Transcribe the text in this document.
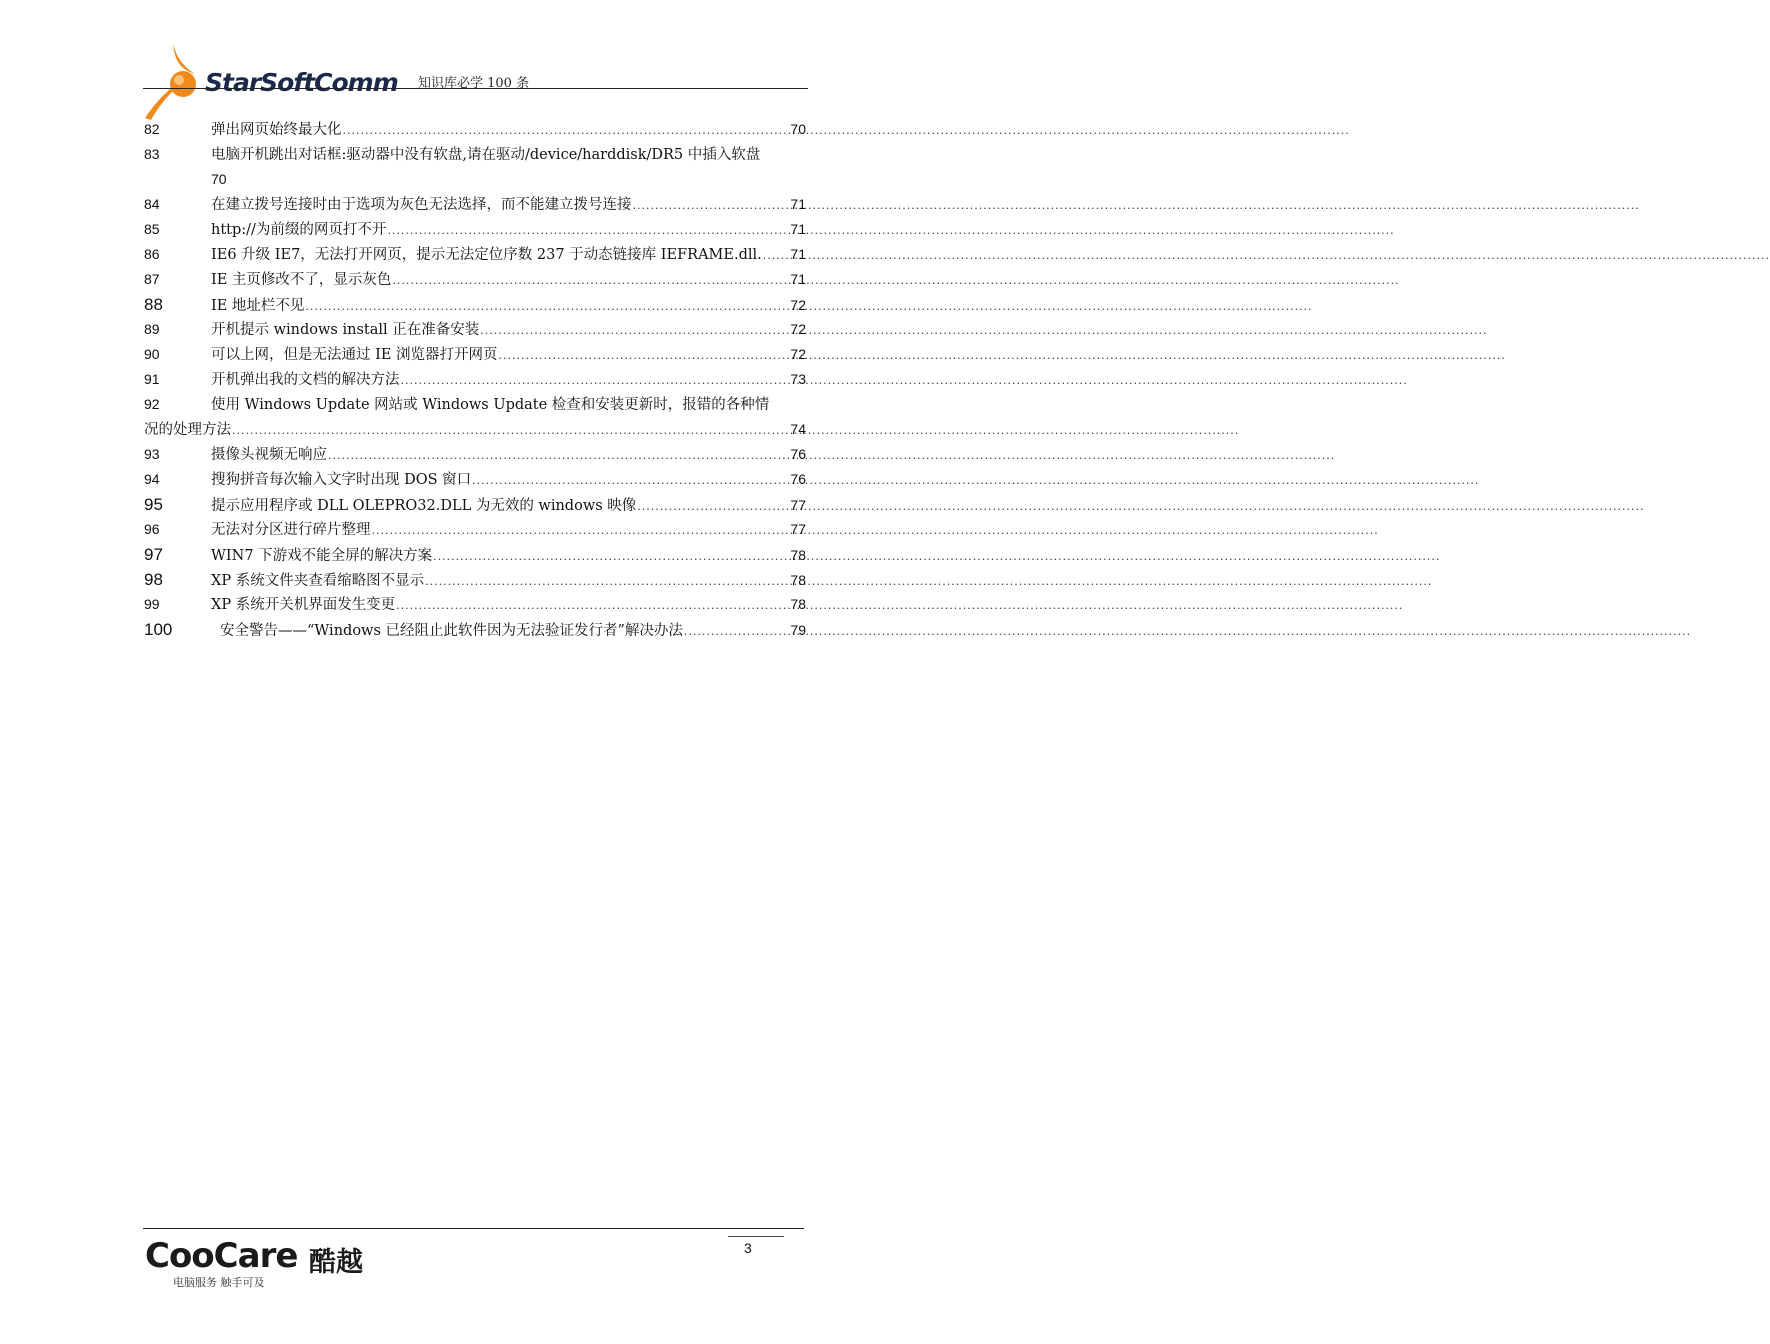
StarSoftComm 知识库必学 100 条
82	弹出网页始终最大化 .....	70
83	电脑开机跳出对话框:驱动器中没有软盘,请在驱动/device/harddisk/DR5 中插入软盘
70
84	在建立拨号连接时由于选项为灰色无法选择，而不能建立拨号连接 .....	71
85	http://为前缀的网页打不开 .....	71
86	IE6 升级 IE7，无法打开网页，提示无法定位序数 237 于动态链接库 IEFRAME.dll. ..... 71
87	IE 主页修改不了，显示灰色 .....	71
88	IE 地址栏不见 .....	72
89	开机提示 windows install 正在准备安装 .....	72
90	可以上网，但是无法通过 IE 浏览器打开网页 .....	72
91	开机弹出我的文档的解决方法 .....	73
92	使用 Windows Update 网站或 Windows Update 检查和安装更新时，报错的各种情
况的处理方法 .....	74
93	摄像头视频无响应 .....	76
94	搜狗拼音每次输入文字时出现 DOS 窗口 .....	76
95	提示应用程序或 DLL OLEPRO32.DLL 为无效的 windows 映像 .....	77
96	无法对分区进行碎片整理 .....	77
97	WIN7 下游戏不能全屏的解决方案 .....	78
98	XP 系统文件夹查看缩略图不显示 .....	78
99	XP 系统开关机界面发生变更 .....	78
100	安全警告——“Windows 已经阻止此软件因为无法验证发行者”解决办法 .....	79
3
CooCare 酷越
电脑服务 触手可及
